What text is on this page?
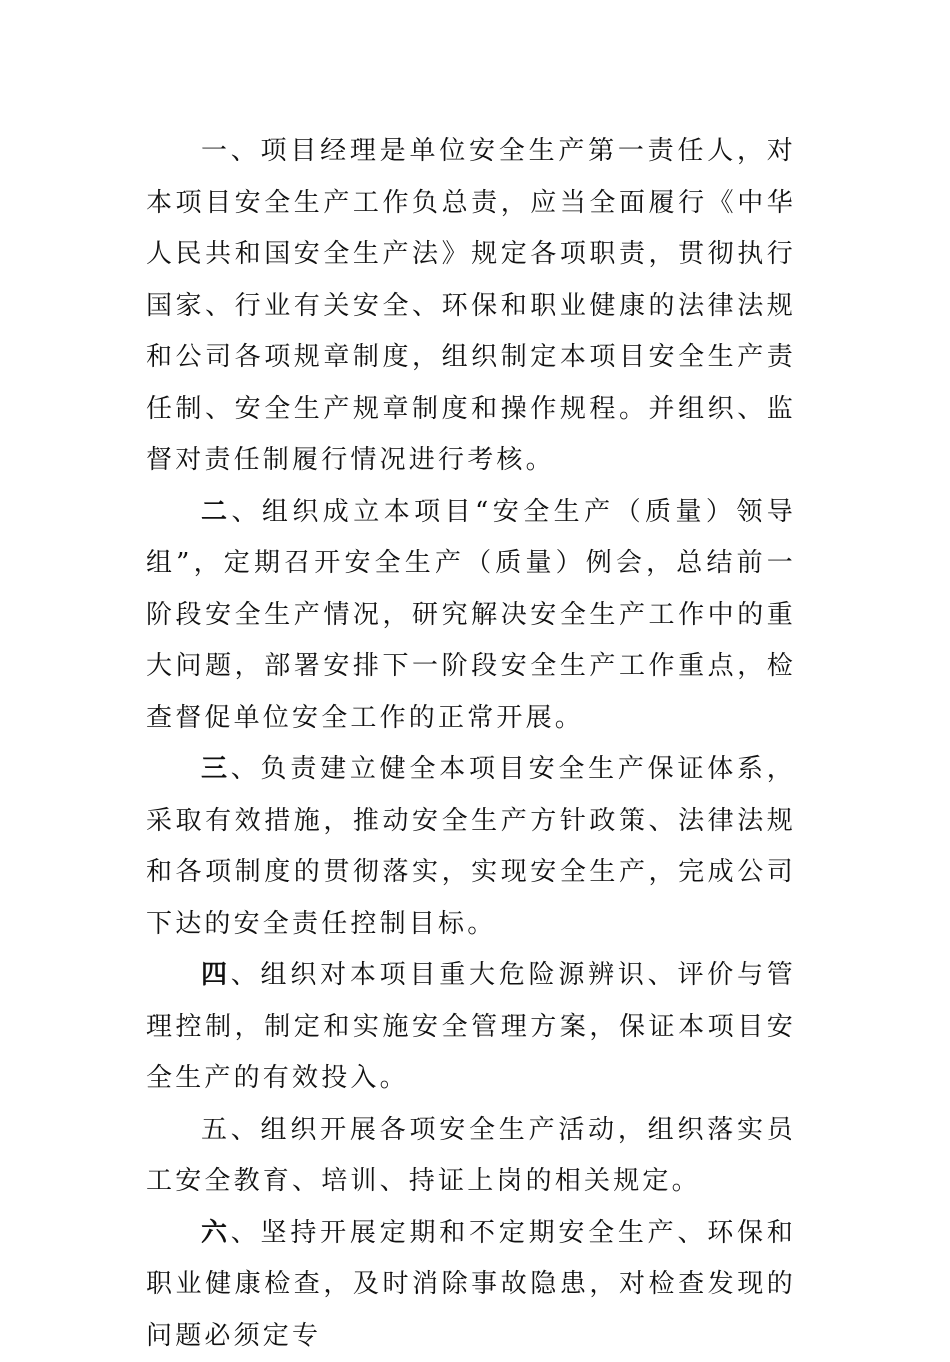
一、项目经理是单位安全生产第一责任人，对本项目安全生产工作负总责，应当全面履行《中华人民共和国安全生产法》规定各项职责，贯彻执行国家、行业有关安全、环保和职业健康的法律法规和公司各项规章制度，组织制定本项目安全生产责任制、安全生产规章制度和操作规程。并组织、监督对责任制履行情况进行考核。

二、组织成立本项目“安全生产（质量）领导组”，定期召开安全生产（质量）例会，总结前一阶段安全生产情况，研究解决安全生产工作中的重大问题，部署安排下一阶段安全生产工作重点，检查督促单位安全工作的正常开展。

三、负责建立健全本项目安全生产保证体系，采取有效措施，推动安全生产方针政策、法律法规和各项制度的贯彻落实，实现安全生产，完成公司下达的安全责任控制目标。

四、组织对本项目重大危险源辨识、评价与管理控制，制定和实施安全管理方案，保证本项目安全生产的有效投入。

五、组织开展各项安全生产活动，组织落实员工安全教育、培训、持证上岗的相关规定。

六、坚持开展定期和不定期安全生产、环保和职业健康检查，及时消除事故隐患，对检查发现的问题必须定专
